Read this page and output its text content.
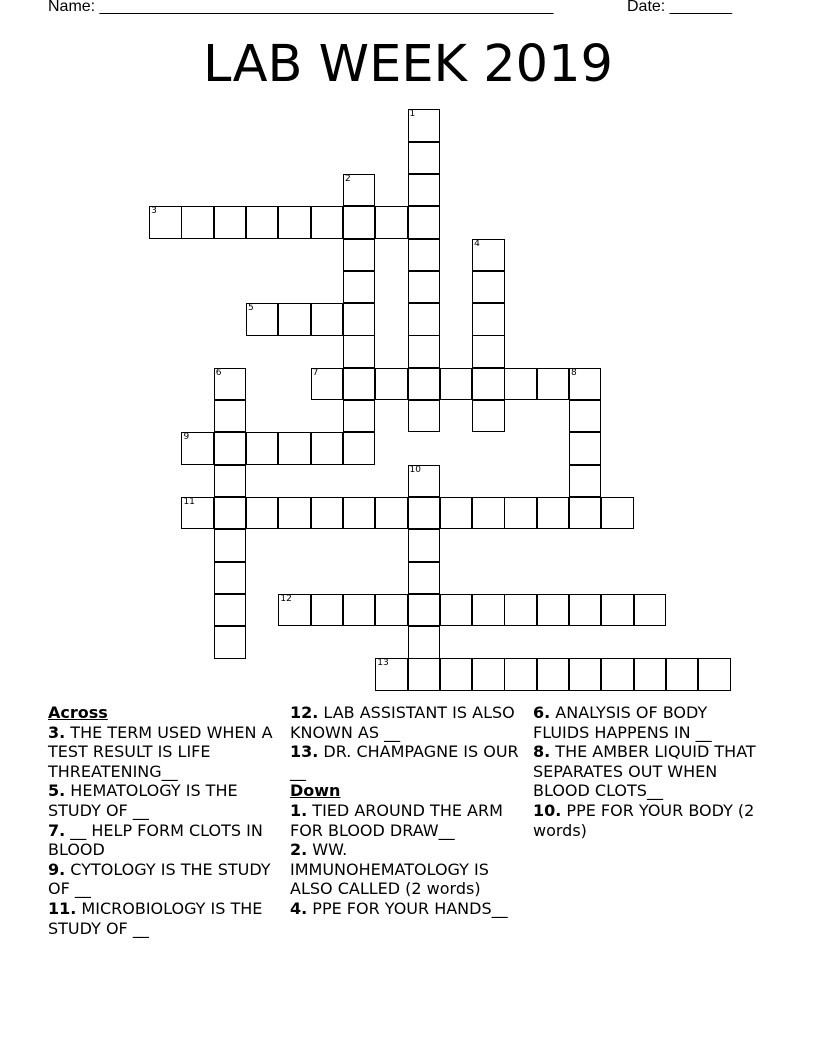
Name: ___________________________________________________	Date: _______
LAB WEEK 2019
1
2
3
4
5
6	7	8
9
10
11
12
13
Across
3. THE TERM USED WHEN A TEST RESULT IS LIFE THREATENING__
5. HEMATOLOGY IS THE STUDY OF __
7. __ HELP FORM CLOTS IN BLOOD
9. CYTOLOGY IS THE STUDY OF __
11. MICROBIOLOGY IS THE STUDY OF __
12. LAB ASSISTANT IS ALSO KNOWN AS __
13. DR. CHAMPAGNE IS OUR __
Down
1. TIED AROUND THE ARM FOR BLOOD DRAW__
2. WW. IMMUNOHEMATOLOGY IS ALSO CALLED (2 words)
4. PPE FOR YOUR HANDS__
6. ANALYSIS OF BODY FLUIDS HAPPENS IN __
8. THE AMBER LIQUID THAT SEPARATES OUT WHEN BLOOD CLOTS__
10. PPE FOR YOUR BODY (2 words)
